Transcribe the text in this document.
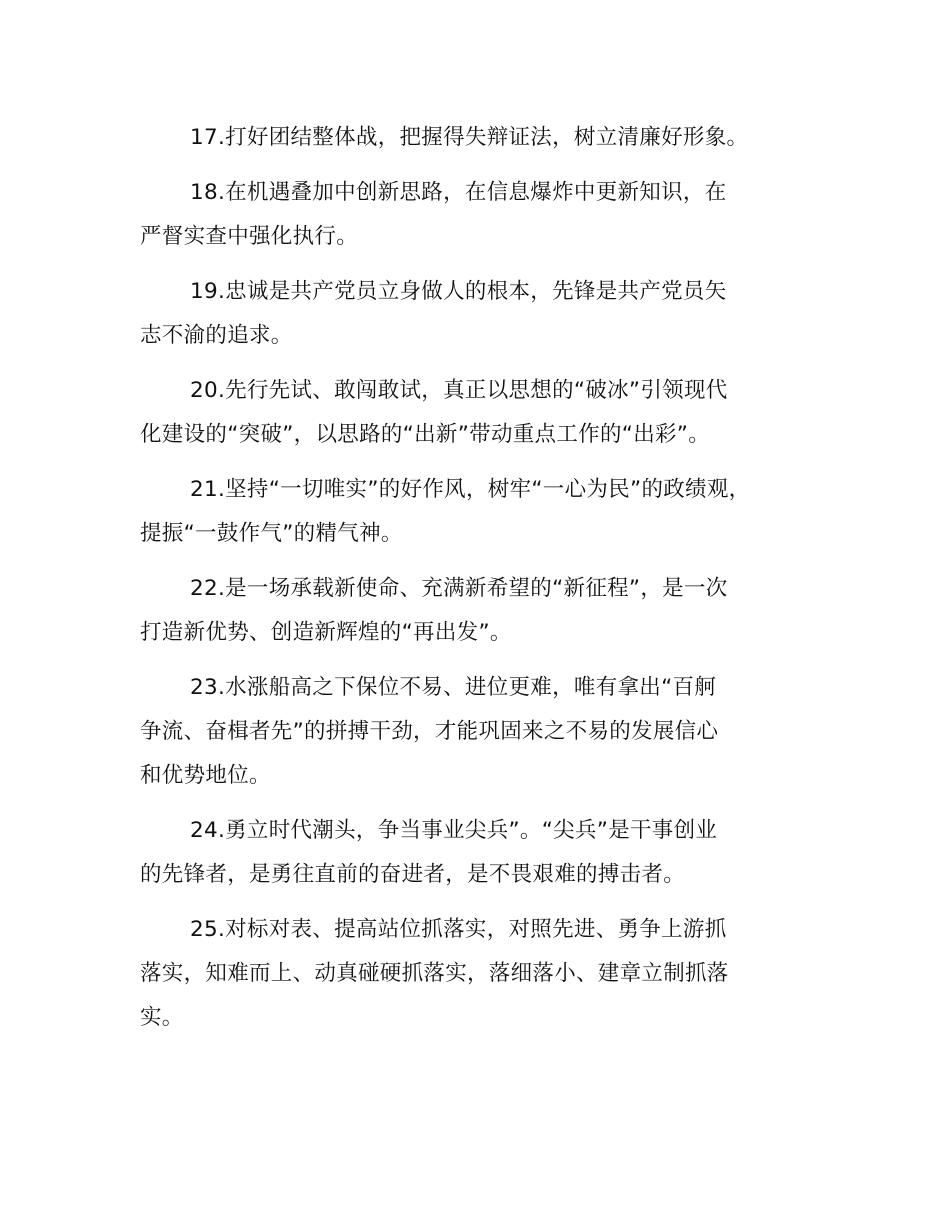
17.打好团结整体战，把握得失辩证法，树立清廉好形象。

18.在机遇叠加中创新思路，在信息爆炸中更新知识，在
严督实查中强化执行。

19.忠诚是共产党员立身做人的根本，先锋是共产党员矢
志不渝的追求。

20.先行先试、敢闯敢试，真正以思想的“破冰”引领现代
化建设的“突破”，以思路的“出新”带动重点工作的“出彩”。

21.坚持“一切唯实”的好作风，树牢“一心为民”的政绩观，
提振“一鼓作气”的精气神。

22.是一场承载新使命、充满新希望的“新征程”，是一次
打造新优势、创造新辉煌的“再出发”。

23.水涨船高之下保位不易、进位更难，唯有拿出“百舸
争流、奋楫者先”的拼搏干劲，才能巩固来之不易的发展信心
和优势地位。

24.勇立时代潮头，争当事业尖兵”。“尖兵”是干事创业
的先锋者，是勇往直前的奋进者，是不畏艰难的搏击者。

25.对标对表、提高站位抓落实，对照先进、勇争上游抓
落实，知难而上、动真碰硬抓落实，落细落小、建章立制抓落
实。
